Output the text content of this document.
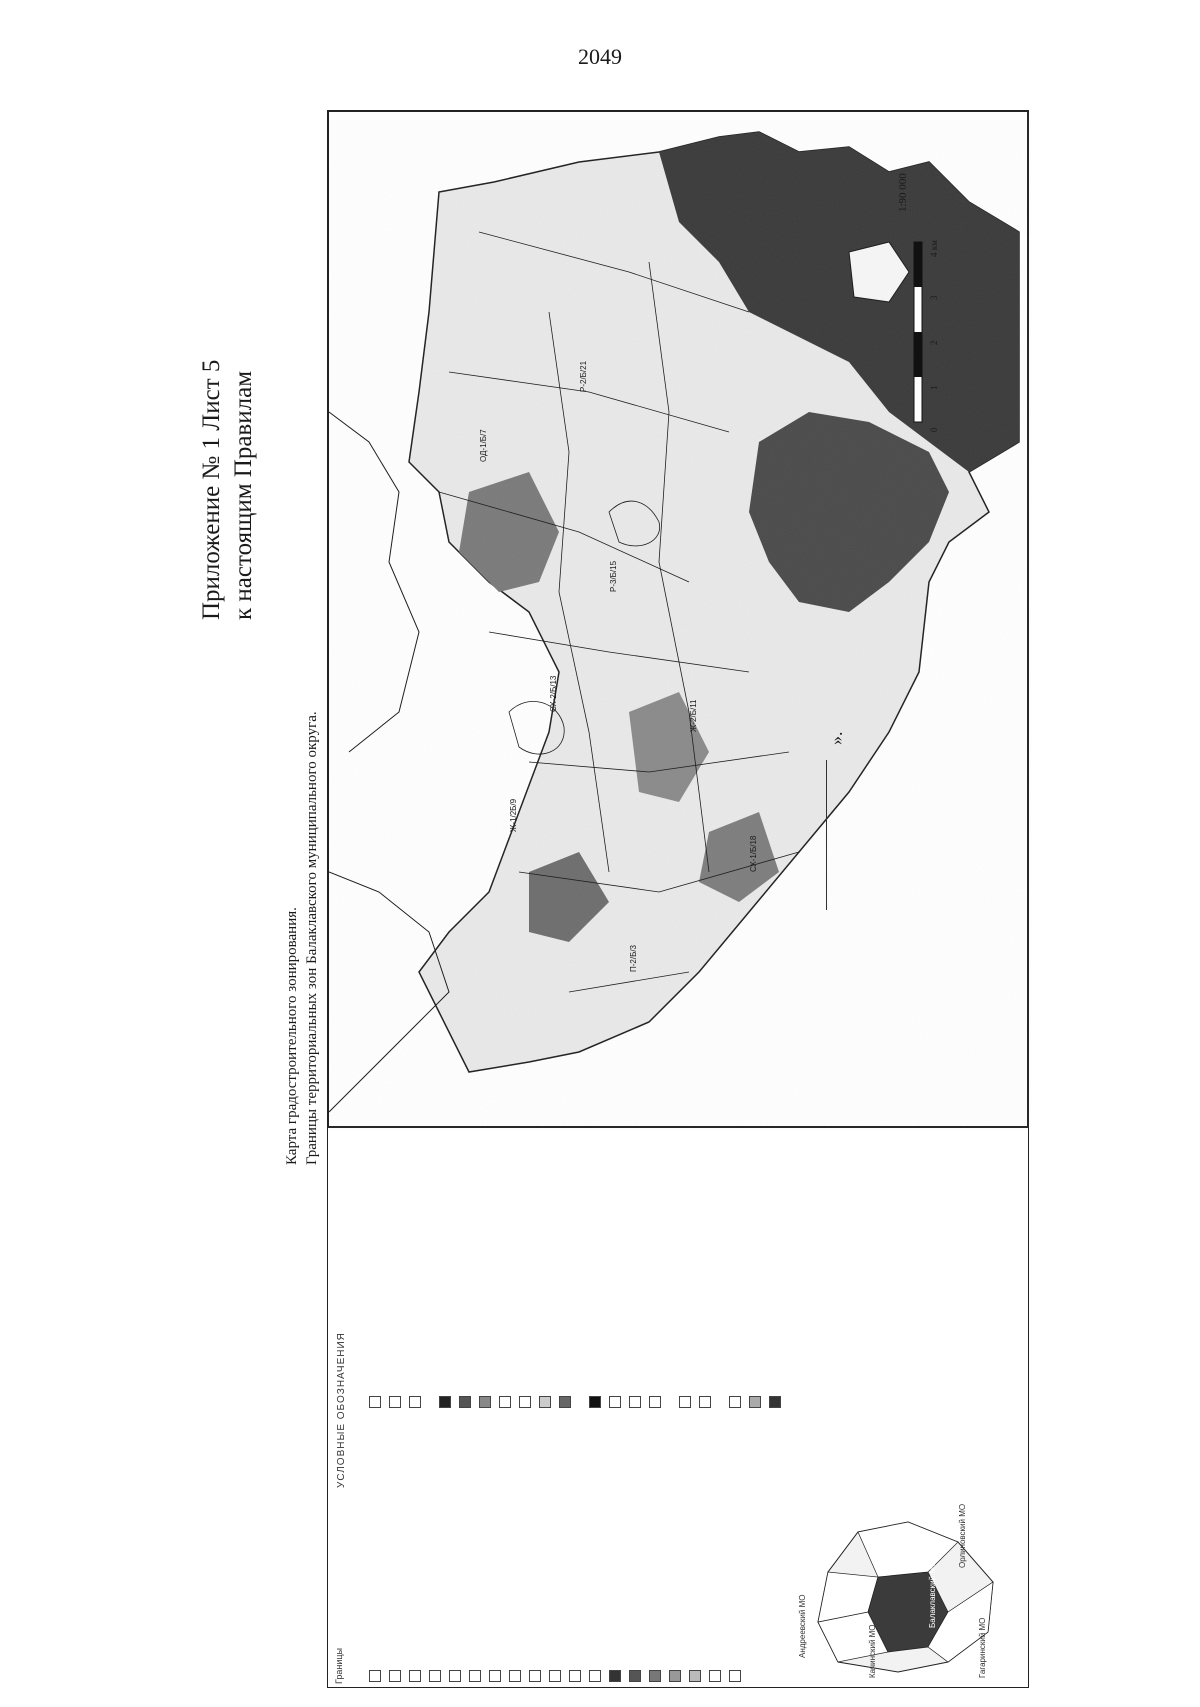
2049
Приложение № 1 Лист 5 к настоящим Правилам
Карта градостроительного зонирования. Границы территориальных зон Балаклавского муниципального округа.	Ж-1/2Б/9
СХ-2/Б/13
Р-3/Б/15
П-2/Б/3
ОД-1/Б/7
Ж-2/Б/11
СХ-1/Б/18
Р-2/Б/21
1:90 000
0
1
2
3
4 км
Границы
УСЛОВНЫЕ ОБОЗНАЧЕНИЯ

Андреевский МО	Качинский МО
Балаклавский МО
Гагаринский МО
Орлиновский МО
».
